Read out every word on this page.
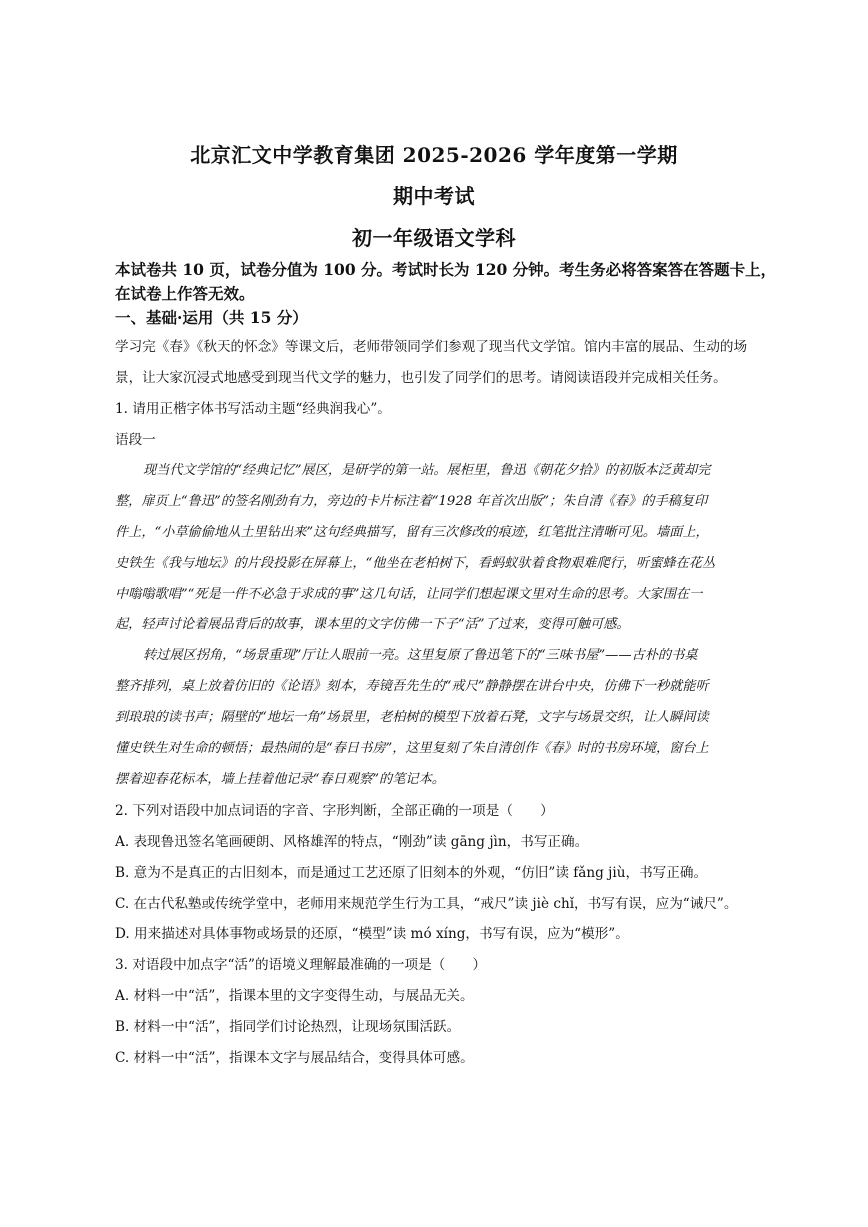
北京汇文中学教育集团 2025-2026 学年度第一学期
期中考试
初一年级语文学科
本试卷共 10 页，试卷分值为 100 分。考试时长为 120 分钟。考生务必将答案答在答题卡上，
在试卷上作答无效。
一、基础·运用（共 15 分）
学习完《春》《秋天的怀念》等课文后，老师带领同学们参观了现当代文学馆。馆内丰富的展品、生动的场
景，让大家沉浸式地感受到现当代文学的魅力，也引发了同学们的思考。请阅读语段并完成相关任务。
1. 请用正楷字体书写活动主题“经典润我心”。
语段一
现当代文学馆的“经典记忆”展区，是研学的第一站。展柜里，鲁迅《朝花夕拾》的初版本泛黄却完
整，扉页上“鲁迅”的签名刚劲有力，旁边的卡片标注着“1928 年首次出版”；朱自清《春》的手稿复印
件上，“小草偷偷地从土里钻出来”这句经典描写，留有三次修改的痕迹，红笔批注清晰可见。墙面上，
史铁生《我与地坛》的片段投影在屏幕上，“他坐在老柏树下，看蚂蚁驮着食物艰难爬行，听蜜蜂在花丛
中嗡嗡歌唱”“死是一件不必急于求成的事”这几句话，让同学们想起课文里对生命的思考。大家围在一
起，轻声讨论着展品背后的故事，课本里的文字仿佛一下子“活”了过来，变得可触可感。
转过展区拐角，“场景重现”厅让人眼前一亮。这里复原了鲁迅笔下的“三味书屋”——古朴的书桌
整齐排列，桌上放着仿旧的《论语》刻本，寿镜吾先生的“戒尺”静静摆在讲台中央，仿佛下一秒就能听
到琅琅的读书声；隔壁的“地坛一角”场景里，老柏树的模型下放着石凳，文字与场景交织，让人瞬间读
懂史铁生对生命的顿悟；最热闹的是“春日书房”，这里复刻了朱自清创作《春》时的书房环境，窗台上
摆着迎春花标本，墙上挂着他记录“春日观察”的笔记本。
2. 下列对语段中加点词语的字音、字形判断，全部正确的一项是（　　）
A. 表现鲁迅签名笔画硬朗、风格雄浑的特点，“刚劲”读 gāng jìn，书写正确。
B. 意为不是真正的古旧刻本，而是通过工艺还原了旧刻本的外观，“仿旧”读 fǎng jiù，书写正确。
C. 在古代私塾或传统学堂中，老师用来规范学生行为工具，“戒尺”读 jiè chǐ，书写有误，应为“诫尺”。
D. 用来描述对具体事物或场景的还原，“模型”读 mó xíng，书写有误，应为“模形”。
3. 对语段中加点字“活”的语境义理解最准确的一项是（　　）
A. 材料一中“活”，指课本里的文字变得生动，与展品无关。
B. 材料一中“活”，指同学们讨论热烈，让现场氛围活跃。
C. 材料一中“活”，指课本文字与展品结合，变得具体可感。
